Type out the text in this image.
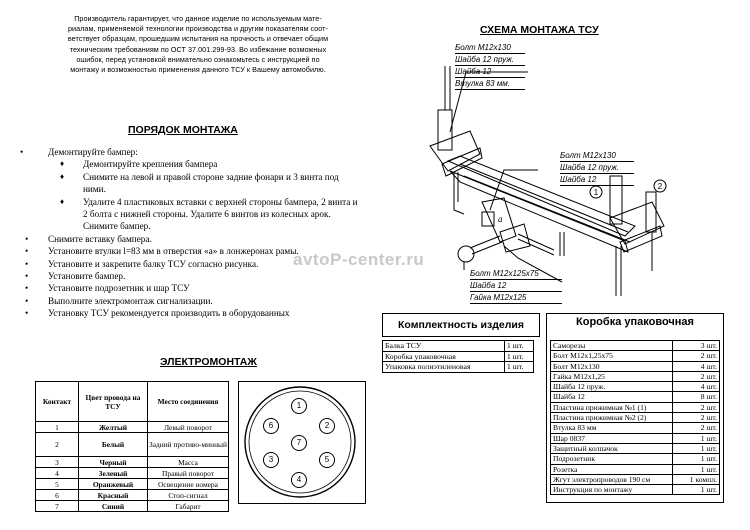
Производитель гарантирует, что данное изделие по используемым мате-

риалам, применяемой технологии производства и другим показателям соот-

ветствует образцам, прошедшим испытания на прочность и отвечает общим

техническим требованиям по ОСТ 37.001.299-93. Во избежание возможных

ошибок, перед установкой внимательно ознакомьтесь с инструкцией по

монтажу и возможностью применения данного ТСУ к Вашему автомобилю.

ПОРЯДОК МОНТАЖА
• Демонтируйте бампер:
♦ Демонтируйте крепления бампера
♦ Снимите на левой и правой стороне задние фонари и 3 винта под ними.
♦ Удалите 4 пластиковых вставки с верхней стороны бампера, 2 винта и 2 болта с нижней стороны. Удалите 6 винтов из колесных арок. Снимите бампер.
• Снимите вставку бампера.
• Установите втулки l=83 мм в отверстия «а» в лонжеронах рамы.
• Установите и закрепите балку ТСУ согласно рисунка.
• Установите бампер.
• Установите подрозетник и шар ТСУ
• Выполните электромонтаж сигнализации.
• Установку ТСУ рекомендуется производить в оборудованных
СХЕМА МОНТАЖА ТСУ
1
2
а
Болт М12х130
Шайба 12 пруж.
Шайба 12
Втулка 83 мм.
Болт М12х130
Шайба 12 пруж.
Шайба 12
Болт М12х125х75
Шайба 12
Гайка М12х125
avtoP-center.ru
Комплектность изделия
Балка ТСУ	1 шт.
Коробка упаковочная	1 шт.
Упаковка полиэтиленовая	1 шт.
Коробка упаковочная
Саморезы	3 шт.
Болт М12х1,25х75	2 шт.
Болт М12х130	4 шт.
Гайка М12х1,25	2 шт.
Шайба 12 пруж.	4 шт.
Шайба 12	8 шт.
Пластина прижимная №1 (1)	2 шт.
Пластина прижимная №2 (2)	2 шт.
Втулка 83 мм	2 шт.
Шар 0837	1 шт.
Защитный колпачок	1 шт.
Подрозетник	1 шт.
Розетка	1 шт.
Жгут электропроводов 190 см	1 компл.
Инструкция по монтажу	1 шт.
ЭЛЕКТРОМОНТАЖ
Контакт	Цвет провода на ТСУ	Место соединения
1	Желтый	Левый поворот
2	Белый	Задний противо-минный
3	Черный	Масса
4	Зеленый	Правый поворот
5	Оранжевый	Освещение номера
6	Красный	Стоп-сигнал
7	Синий	Габарит
1
2
3
4
5
6
7
